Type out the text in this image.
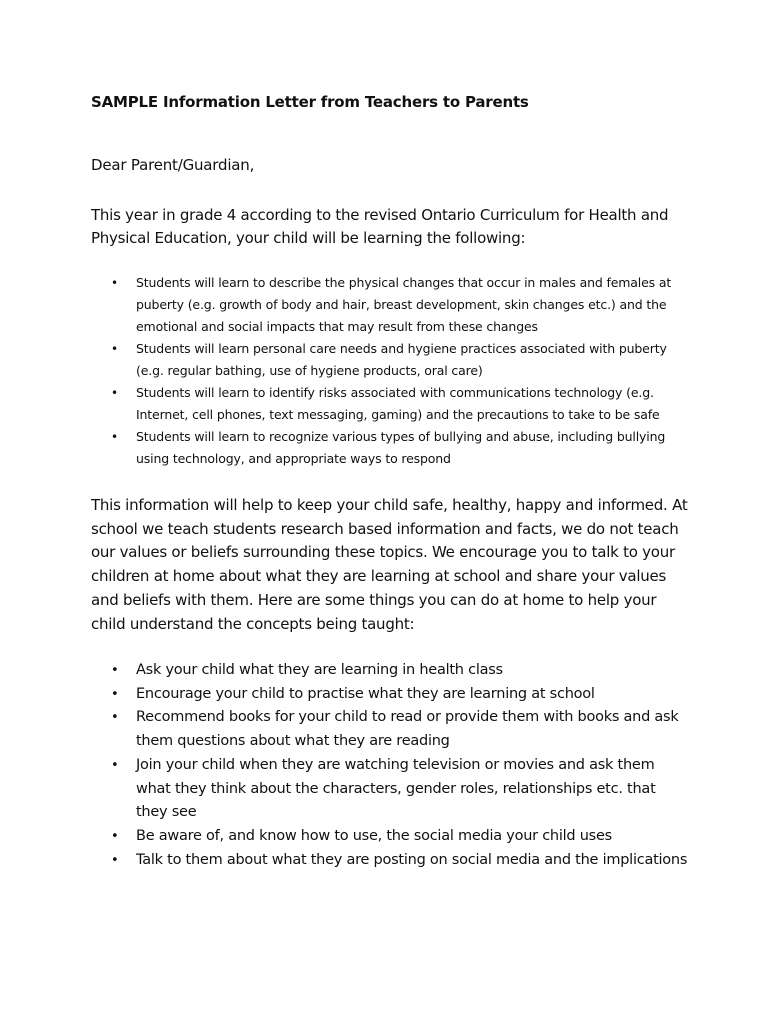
SAMPLE Information Letter from Teachers to Parents

Dear Parent/Guardian,

This year in grade 4 according to the revised Ontario Curriculum for Health and Physical Education, your child will be learning the following:

• Students will learn to describe the physical changes that occur in males and females at puberty (e.g. growth of body and hair, breast development, skin changes etc.) and the emotional and social impacts that may result from these changes
• Students will learn personal care needs and hygiene practices associated with puberty (e.g. regular bathing, use of hygiene products, oral care)
• Students will learn to identify risks associated with communications technology (e.g. Internet, cell phones, text messaging, gaming) and the precautions to take to be safe
• Students will learn to recognize various types of bullying and abuse, including bullying using technology, and appropriate ways to respond

This information will help to keep your child safe, healthy, happy and informed. At school we teach students research based information and facts, we do not teach our values or beliefs surrounding these topics. We encourage you to talk to your children at home about what they are learning at school and share your values and beliefs with them. Here are some things you can do at home to help your child understand the concepts being taught:

• Ask your child what they are learning in health class
• Encourage your child to practise what they are learning at school
• Recommend books for your child to read or provide them with books and ask them questions about what they are reading
• Join your child when they are watching television or movies and ask them what they think about the characters, gender roles, relationships etc. that they see
• Be aware of, and know how to use, the social media your child uses
• Talk to them about what they are posting on social media and the implications
